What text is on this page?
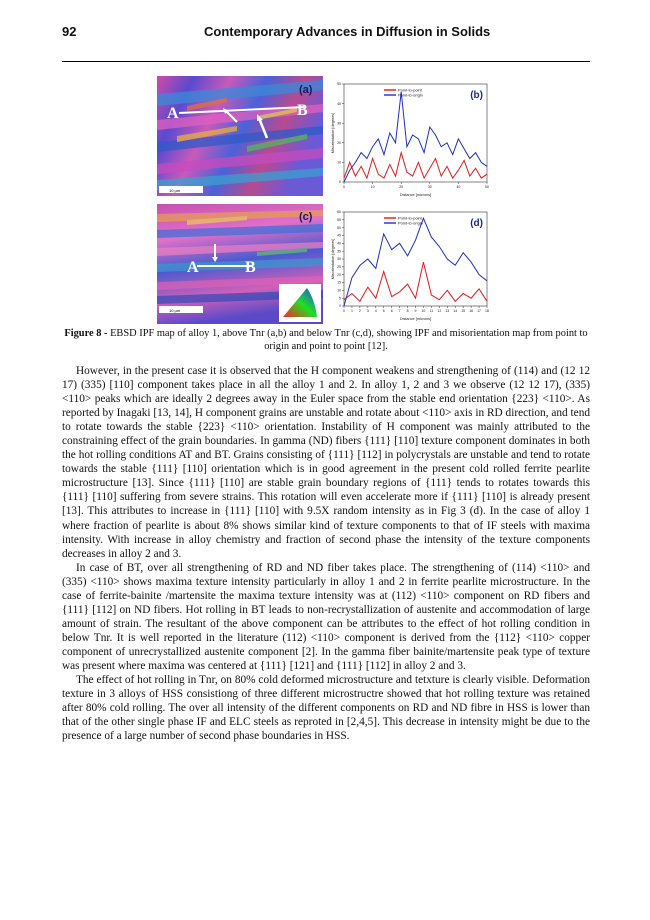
92	Contemporary Advances in Diffusion in Solids
A	B
(a)
10 µm
A	B
(c)
10 µm
0	10	20	30	40	50
0
10
20
30
40
50
Distance [microns]
Misorientation [degrees]
Point-to-point
Point-to-origin	(b)
0 1 2 3 4 5 6 7 8 9 10 11 12 13 14 15 16 17 18
0
5
10
15
20
25
30
35
40
45
50
55
60
Distance [microns]
Misorientation [degrees]
Point-to-point
Point-to-origin	(d)
Figure 8 - EBSD IPF map of alloy 1, above Tnr (a,b) and below Tnr (c,d), showing IPF and misorientation map from point to origin and point to point [12].

However, in the present case it is observed that the H component weakens and strengthening of (114) and (12 12 17) (335) [110] component takes place in all the alloy 1 and 2. In alloy 1, 2 and 3 we observe (12 12 17), (335) <110> peaks which are ideally 2 degrees away in the Euler space from the stable end orientation {223} <110>. As reported by Inagaki [13, 14], H component grains are unstable and rotate about <110> axis in RD direction, and tend to rotate towards the stable {223} <110> orientation. Instability of H component was mainly attributed to the constraining effect of the grain boundaries. In gamma (ND) fibers {111} [110] texture component dominates in both the hot rolling conditions AT and BT. Grains consisting of {111} [112] in polycrystals are unstable and tend to rotate towards the stable {111} [110] orientation which is in good agreement in the present cold rolled ferrite pearlite microstructure [13]. Since {111} [110] are stable grain boundary regions of {111} tends to rotates towards this {111} [110] suffering from severe strains. This rotation will even accelerate more if {111} [110] is already present [13]. This attributes to increase in {111} [110] with 9.5X random intensity as in Fig 3 (d). In the case of alloy 1 where fraction of pearlite is about 8% shows similar kind of texture components to that of IF steels with maxima intensity. With increase in alloy chemistry and fraction of second phase the intensity of the texture components decreases in alloy 2 and 3.

In case of BT, over all strengthening of RD and ND fiber takes place. The strengthening of (114) <110> and (335) <110> shows maxima texture intensity particularly in alloy 1 and 2 in ferrite pearlite microstructure. In the case of ferrite-bainite /martensite the maxima texture intensity was at (112) <110> component on RD fibers and {111} [112] on ND fibers. Hot rolling in BT leads to non-recrystallization of austenite and accommodation of large amount of strain. The resultant of the above component can be attributes to the effect of hot rolling condition in below Tnr. It is well reported in the literature (112) <110> component is derived from the {112} <110> copper component of unrecrystallized austenite component [2]. In the gamma fiber bainite/martensite peak type of texture was present where maxima was centered at {111} [121] and {111} [112] in alloy 2 and 3.

The effect of hot rolling in Tnr, on 80% cold deformed microstructure and tetxture is clearly visible. Deformation texture in 3 alloys of HSS consistiong of three different microstructre showed that hot rolling texture was retained after 80% cold rolling. The over all intensity of the different components on RD and ND fibre in HSS is lower than that of the other single phase IF and ELC steels as reproted in [2,4,5]. This decrease in intensity might be due to the presence of a large number of second phase boundaries in HSS.
